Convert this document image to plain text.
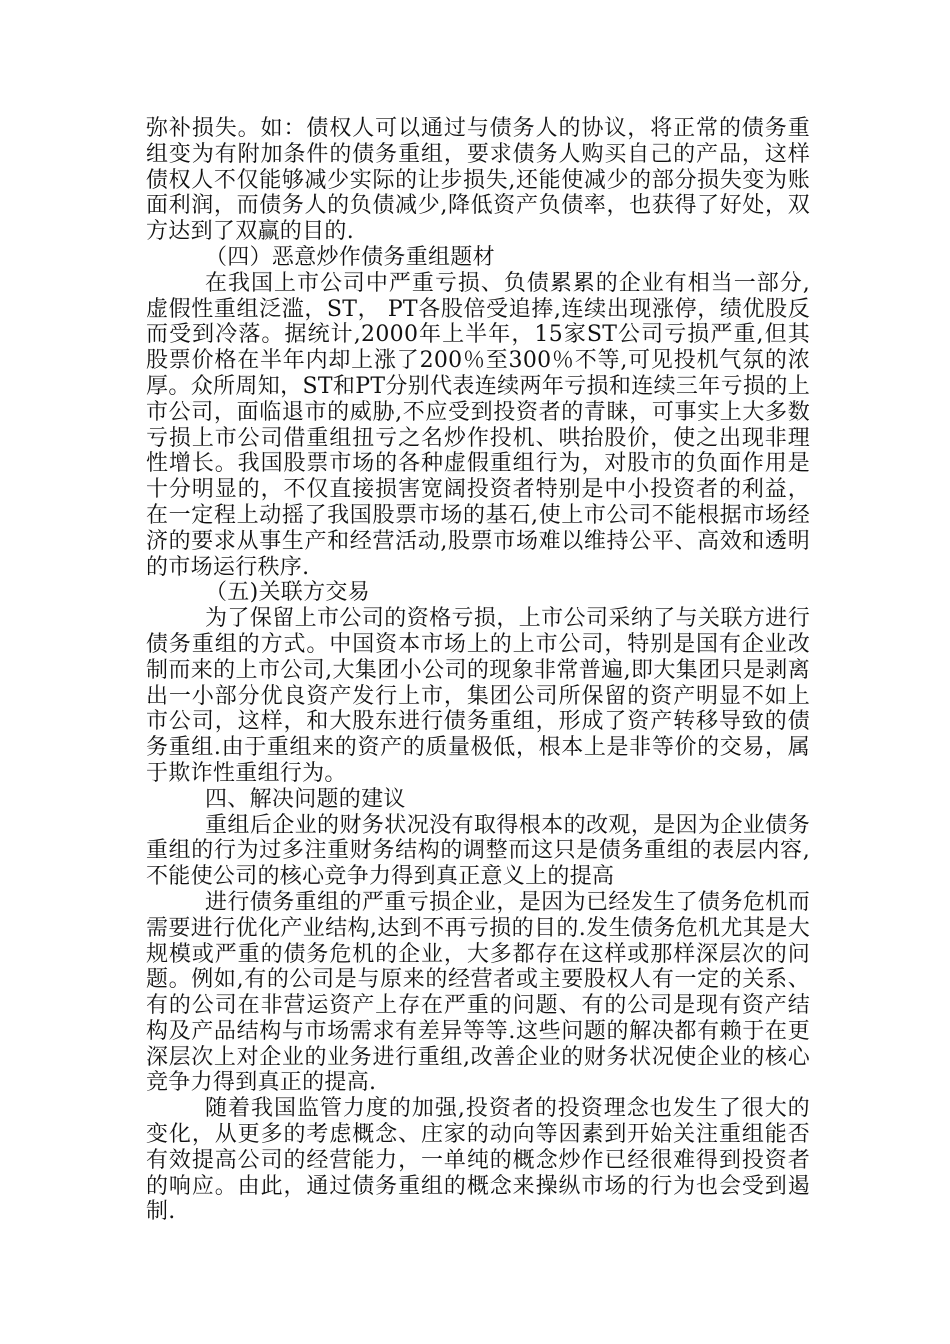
弥补损失。如：债权人可以通过与债务人的协议，将正常的债务重组变为有附加条件的债务重组，要求债务人购买自己的产品，这样债权人不仅能够减少实际的让步损失,还能使减少的部分损失变为账面利润，而债务人的负债减少,降低资产负债率，也获得了好处，双方达到了双赢的目的.

（四）恶意炒作债务重组题材

在我国上市公司中严重亏损、负债累累的企业有相当一部分,虚假性重组泛滥，ST， PT各股倍受追捧,连续出现涨停，绩优股反而受到冷落。据统计,2000年上半年，15家ST公司亏损严重,但其股票价格在半年内却上涨了200％至300％不等,可见投机气氛的浓厚。众所周知，ST和PT分别代表连续两年亏损和连续三年亏损的上市公司，面临退市的威胁,不应受到投资者的青睐，可事实上大多数亏损上市公司借重组扭亏之名炒作投机、哄抬股价，使之出现非理性增长。我国股票市场的各种虚假重组行为，对股市的负面作用是十分明显的，不仅直接损害宽阔投资者特别是中小投资者的利益，在一定程上动摇了我国股票市场的基石,使上市公司不能根据市场经济的要求从事生产和经营活动,股票市场难以维持公平、高效和透明的市场运行秩序.

（五)关联方交易

为了保留上市公司的资格亏损，上市公司采纳了与关联方进行债务重组的方式。中国资本市场上的上市公司，特别是国有企业改制而来的上市公司,大集团小公司的现象非常普遍,即大集团只是剥离出一小部分优良资产发行上市，集团公司所保留的资产明显不如上市公司，这样，和大股东进行债务重组，形成了资产转移导致的债务重组.由于重组来的资产的质量极低，根本上是非等价的交易，属于欺诈性重组行为。

四、解决问题的建议

重组后企业的财务状况没有取得根本的改观，是因为企业债务重组的行为过多注重财务结构的调整而这只是债务重组的表层内容,不能使公司的核心竞争力得到真正意义上的提高

进行债务重组的严重亏损企业，是因为已经发生了债务危机而需要进行优化产业结构,达到不再亏损的目的.发生债务危机尤其是大规模或严重的债务危机的企业，大多都存在这样或那样深层次的问题。例如,有的公司是与原来的经营者或主要股权人有一定的关系、有的公司在非营运资产上存在严重的问题、有的公司是现有资产结构及产品结构与市场需求有差异等等.这些问题的解决都有赖于在更深层次上对企业的业务进行重组,改善企业的财务状况使企业的核心竞争力得到真正的提高.

随着我国监管力度的加强,投资者的投资理念也发生了很大的变化，从更多的考虑概念、庄家的动向等因素到开始关注重组能否有效提高公司的经营能力，一单纯的概念炒作已经很难得到投资者的响应。由此，通过债务重组的概念来操纵市场的行为也会受到遏制.
